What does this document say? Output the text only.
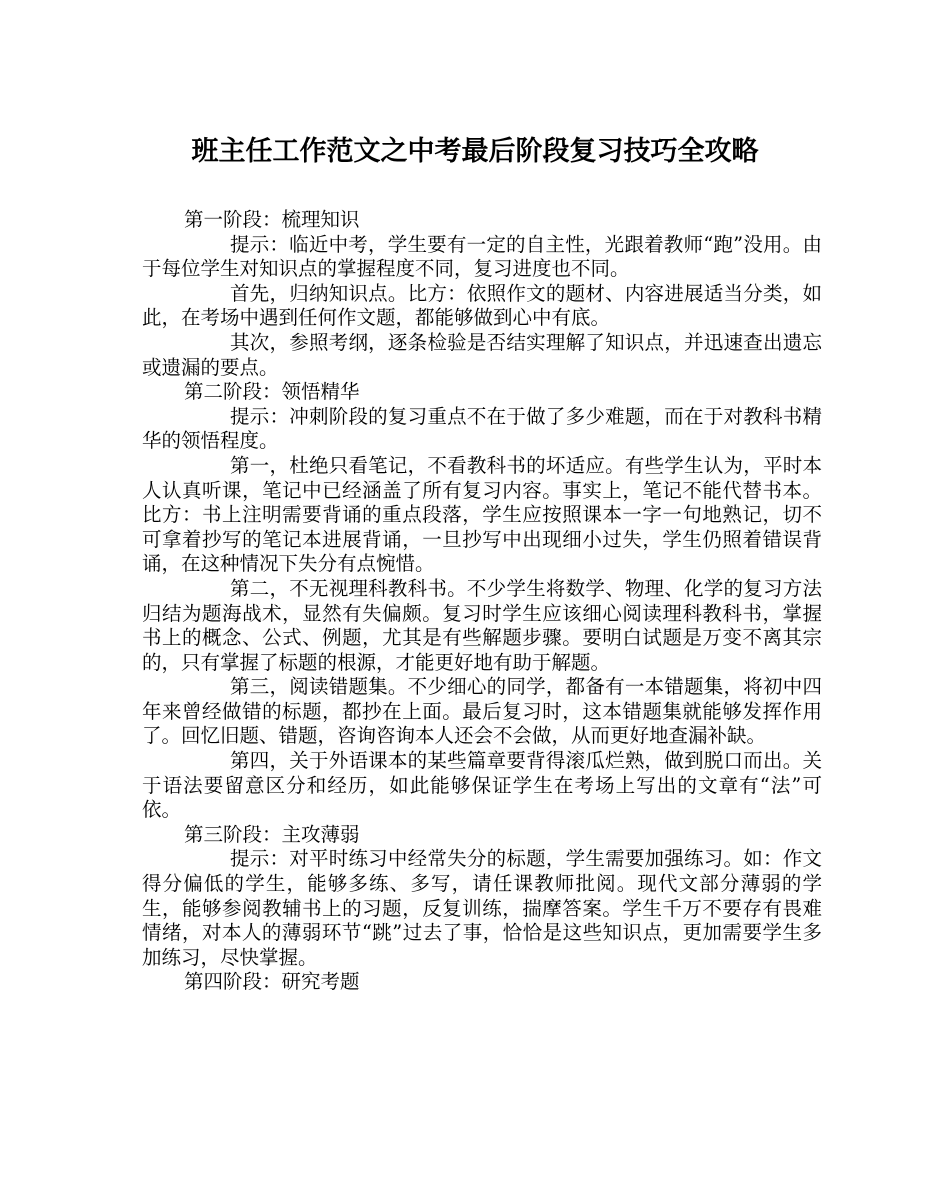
班主任工作范文之中考最后阶段复习技巧全攻略

第一阶段：梳理知识

提示：临近中考，学生要有一定的自主性，光跟着教师“跑”没用。由于每位学生对知识点的掌握程度不同，复习进度也不同。

首先，归纳知识点。比方：依照作文的题材、内容进展适当分类，如此，在考场中遇到任何作文题，都能够做到心中有底。

其次，参照考纲，逐条检验是否结实理解了知识点，并迅速查出遗忘或遗漏的要点。

第二阶段：领悟精华

提示：冲刺阶段的复习重点不在于做了多少难题，而在于对教科书精华的领悟程度。

第一，杜绝只看笔记，不看教科书的坏适应。有些学生认为，平时本人认真听课，笔记中已经涵盖了所有复习内容。事实上，笔记不能代替书本。比方：书上注明需要背诵的重点段落，学生应按照课本一字一句地熟记，切不可拿着抄写的笔记本进展背诵，一旦抄写中出现细小过失，学生仍照着错误背诵，在这种情况下失分有点惋惜。

第二，不无视理科教科书。不少学生将数学、物理、化学的复习方法归结为题海战术，显然有失偏颇。复习时学生应该细心阅读理科教科书，掌握书上的概念、公式、例题，尤其是有些解题步骤。要明白试题是万变不离其宗的，只有掌握了标题的根源，才能更好地有助于解题。

第三，阅读错题集。不少细心的同学，都备有一本错题集，将初中四年来曾经做错的标题，都抄在上面。最后复习时，这本错题集就能够发挥作用了。回忆旧题、错题，咨询咨询本人还会不会做，从而更好地查漏补缺。

第四，关于外语课本的某些篇章要背得滚瓜烂熟，做到脱口而出。关于语法要留意区分和经历，如此能够保证学生在考场上写出的文章有“法”可依。

第三阶段：主攻薄弱

提示：对平时练习中经常失分的标题，学生需要加强练习。如：作文得分偏低的学生，能够多练、多写，请任课教师批阅。现代文部分薄弱的学生，能够参阅教辅书上的习题，反复训练，揣摩答案。学生千万不要存有畏难情绪，对本人的薄弱环节“跳”过去了事，恰恰是这些知识点，更加需要学生多加练习，尽快掌握。

第四阶段：研究考题
